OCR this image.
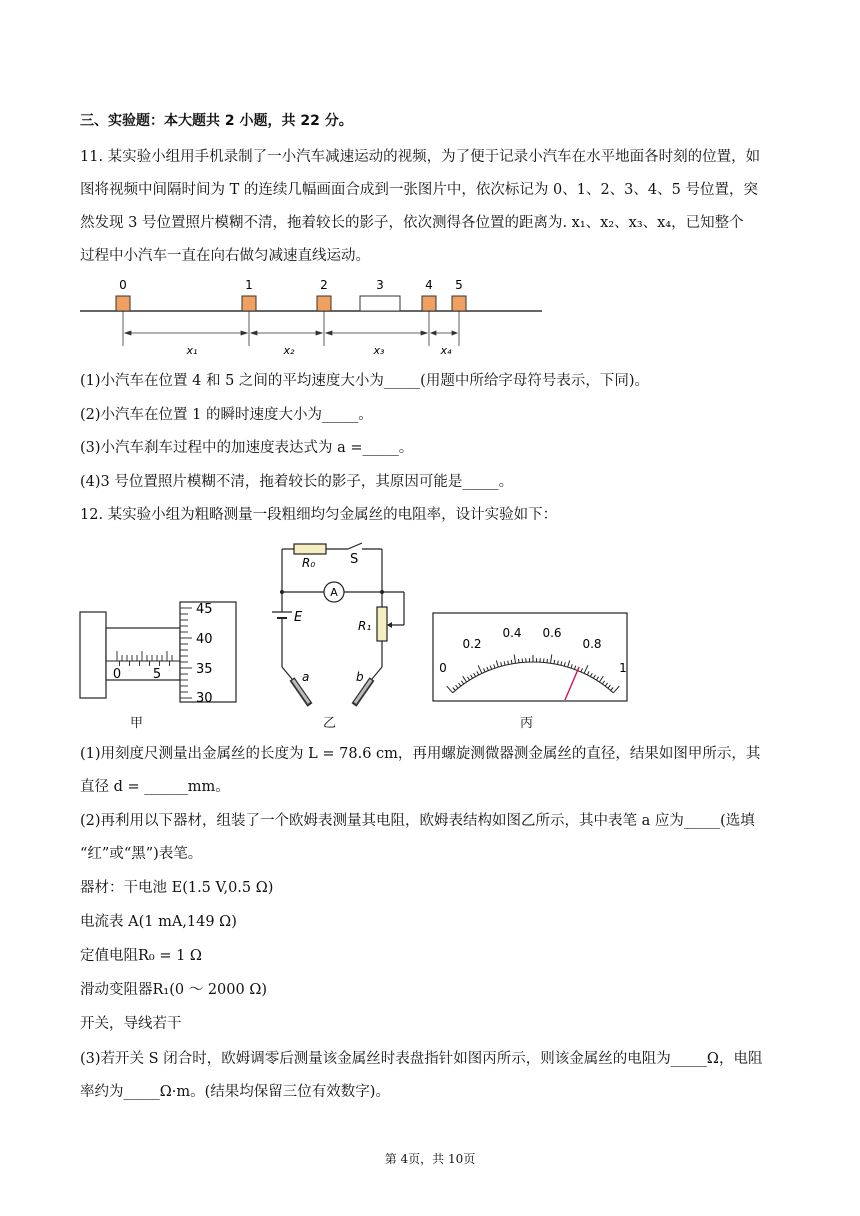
三、实验题：本大题共 2 小题，共 22 分。
11. 某实验小组用手机录制了一小汽车减速运动的视频，为了便于记录小汽车在水平地面各时刻的位置，如
图将视频中间隔时间为 T 的连续几幅画面合成到一张图片中，依次标记为 0、1、2、3、4、5 号位置，突
然发现 3 号位置照片模糊不清，拖着较长的影子，依次测得各位置的距离为. x₁、x₂、x₃、x₄，已知整个
过程中小汽车一直在向右做匀减速直线运动。
0	1	2	3	4 5
x₁	x₂	x₃	x₄
(1)小汽车在位置 4 和 5 之间的平均速度大小为_____(用题中所给字母符号表示，下同)。
(2)小汽车在位置 1 的瞬时速度大小为_____。
(3)小汽车刹车过程中的加速度表达式为 a =_____。
(4)3 号位置照片模糊不清，拖着较长的影子，其原因可能是_____。
12. 某实验小组为粗略测量一段粗细均匀金属丝的电阻率，设计实验如下：
0 5
45
40
35
30
甲
R₀	S
A
E
R₁
a	b
乙
0
0.2
0.4 0.6
0.8
1
丙
(1)用刻度尺测量出金属丝的长度为 L = 78.6 cm，再用螺旋测微器测金属丝的直径，结果如图甲所示，其
直径 d = ______mm。
(2)再利用以下器材，组装了一个欧姆表测量其电阻，欧姆表结构如图乙所示，其中表笔 a 应为_____(选填
“红”或“黑”)表笔。
器材：干电池 E(1.5 V,0.5 Ω)
电流表 A(1 mA,149 Ω)
定值电阻R₀ = 1 Ω
滑动变阻器R₁(0 ～ 2000 Ω)
开关，导线若干
(3)若开关 S 闭合时，欧姆调零后测量该金属丝时表盘指针如图丙所示，则该金属丝的电阻为_____Ω，电阻
率约为_____Ω·m。(结果均保留三位有效数字)。
第 4页，共 10页
